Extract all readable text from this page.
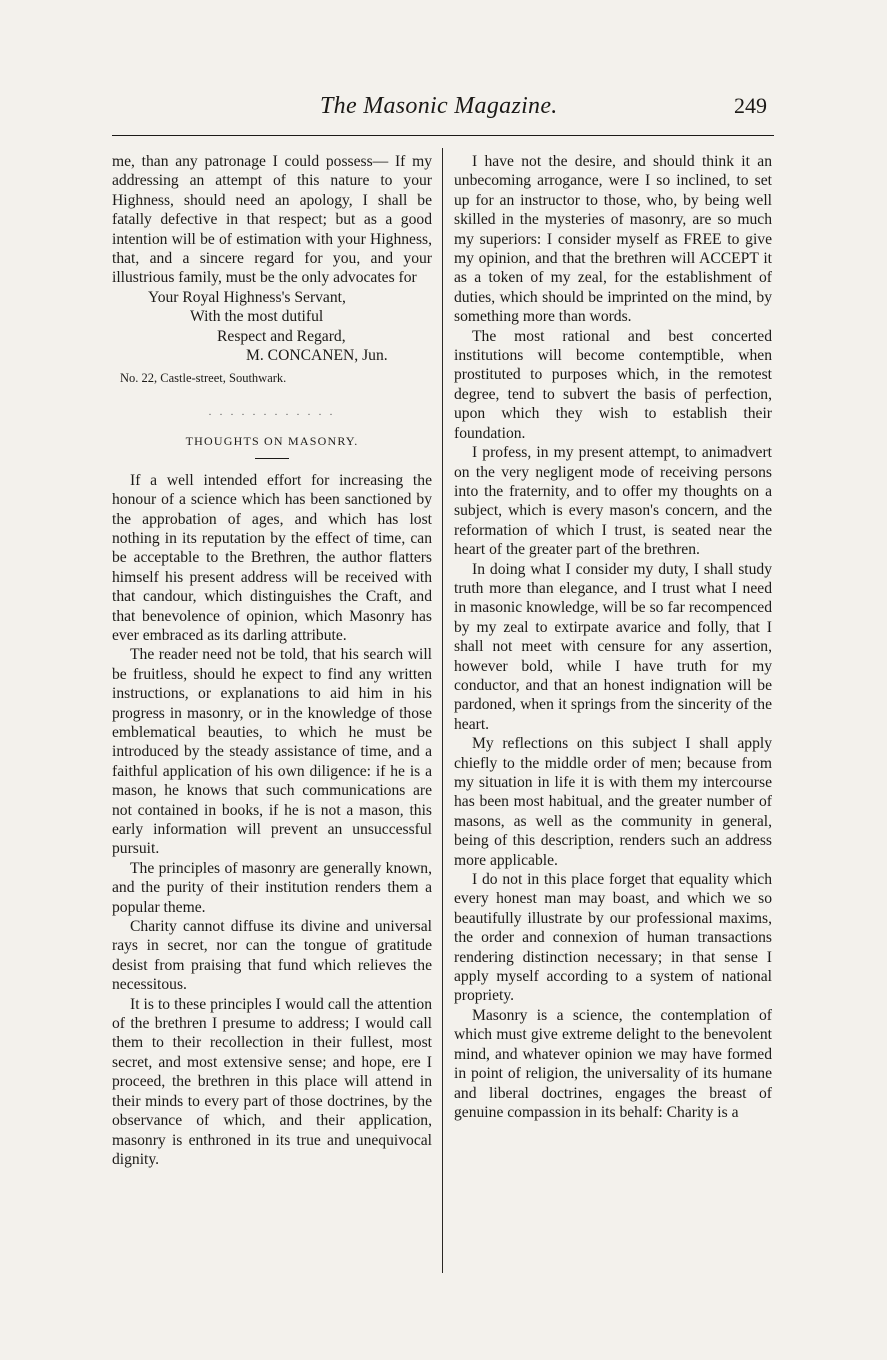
The Masonic Magazine.	249

me, than any patronage I could possess— If my addressing an attempt of this nature to your Highness, should need an apology, I shall be fatally defective in that respect; but as a good intention will be of estimation with your Highness, that, and a sincere regard for you, and your illustrious family, must be the only advocates for

Your Royal Highness's Servant,

With the most dutiful

Respect and Regard,

M. CONCANEN, Jun.

No. 22, Castle-street, Southwark.

. . . . . . . . . . . .

THOUGHTS ON MASONRY.

If a well intended effort for increasing the honour of a science which has been sanctioned by the approbation of ages, and which has lost nothing in its reputation by the effect of time, can be acceptable to the Brethren, the author flatters himself his present address will be received with that candour, which distinguishes the Craft, and that benevolence of opinion, which Masonry has ever embraced as its darling attribute.

The reader need not be told, that his search will be fruitless, should he expect to find any written instructions, or explanations to aid him in his progress in masonry, or in the knowledge of those emblematical beauties, to which he must be introduced by the steady assistance of time, and a faithful application of his own diligence: if he is a mason, he knows that such communications are not contained in books, if he is not a mason, this early information will prevent an unsuccessful pursuit.

The principles of masonry are generally known, and the purity of their institution renders them a popular theme.

Charity cannot diffuse its divine and universal rays in secret, nor can the tongue of gratitude desist from praising that fund which relieves the necessitous.

It is to these principles I would call the attention of the brethren I presume to address; I would call them to their recollection in their fullest, most secret, and most extensive sense; and hope, ere I proceed, the brethren in this place will attend in their minds to every part of those doctrines, by the observance of which, and their application, masonry is enthroned in its true and unequivocal dignity.

I have not the desire, and should think it an unbecoming arrogance, were I so inclined, to set up for an instructor to those, who, by being well skilled in the mysteries of masonry, are so much my superiors: I consider myself as FREE to give my opinion, and that the brethren will ACCEPT it as a token of my zeal, for the establishment of duties, which should be imprinted on the mind, by something more than words.

The most rational and best concerted institutions will become contemptible, when prostituted to purposes which, in the remotest degree, tend to subvert the basis of perfection, upon which they wish to establish their foundation.

I profess, in my present attempt, to animadvert on the very negligent mode of receiving persons into the fraternity, and to offer my thoughts on a subject, which is every mason's concern, and the reformation of which I trust, is seated near the heart of the greater part of the brethren.

In doing what I consider my duty, I shall study truth more than elegance, and I trust what I need in masonic knowledge, will be so far recompenced by my zeal to extirpate avarice and folly, that I shall not meet with censure for any assertion, however bold, while I have truth for my conductor, and that an honest indignation will be pardoned, when it springs from the sincerity of the heart.

My reflections on this subject I shall apply chiefly to the middle order of men; because from my situation in life it is with them my intercourse has been most habitual, and the greater number of masons, as well as the community in general, being of this description, renders such an address more applicable.

I do not in this place forget that equality which every honest man may boast, and which we so beautifully illustrate by our professional maxims, the order and connexion of human transactions rendering distinction necessary; in that sense I apply myself according to a system of national propriety.

Masonry is a science, the contemplation of which must give extreme delight to the benevolent mind, and whatever opinion we may have formed in point of religion, the universality of its humane and liberal doctrines, engages the breast of genuine compassion in its behalf: Charity is a
